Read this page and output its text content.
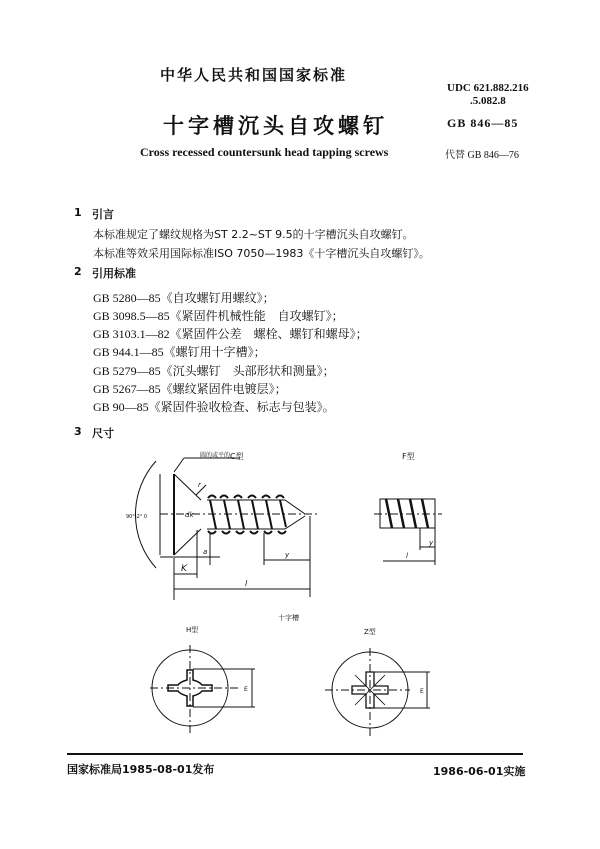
中华人民共和国国家标准
UDC 621.882.216
.5.082.8
十字槽沉头自攻螺钉	GB 846—85
Cross recessed countersunk head tapping screws	代替 GB 846—76
1 引言
本标准规定了螺纹规格为ST 2.2~ST 9.5的十字槽沉头自攻螺钉。
本标准等效采用国际标准ISO 7050—1983《十字槽沉头自攻螺钉》。
2 引用标准
GB 5280—85《自攻螺钉用螺纹》；
GB 3098.5—85《紧固件机械性能　自攻螺钉》；
GB 3103.1—82《紧固件公差　螺栓、螺钉和螺母》；
GB 944.1—85《螺钉用十字槽》；
GB 5279—85《沉头螺钉　头部形状和测量》；
GB 5267—85《螺纹紧固件电镀层》；
GB 90—85《紧固件验收检查、标志与包装》。
3 尺寸
C型	F型
圆的或平的
90°-2° 0	dk
r
a	y
K
l
y
l
十字槽
H型	Z型
E	E
国家标准局1985-08-01发布	1986-06-01实施
